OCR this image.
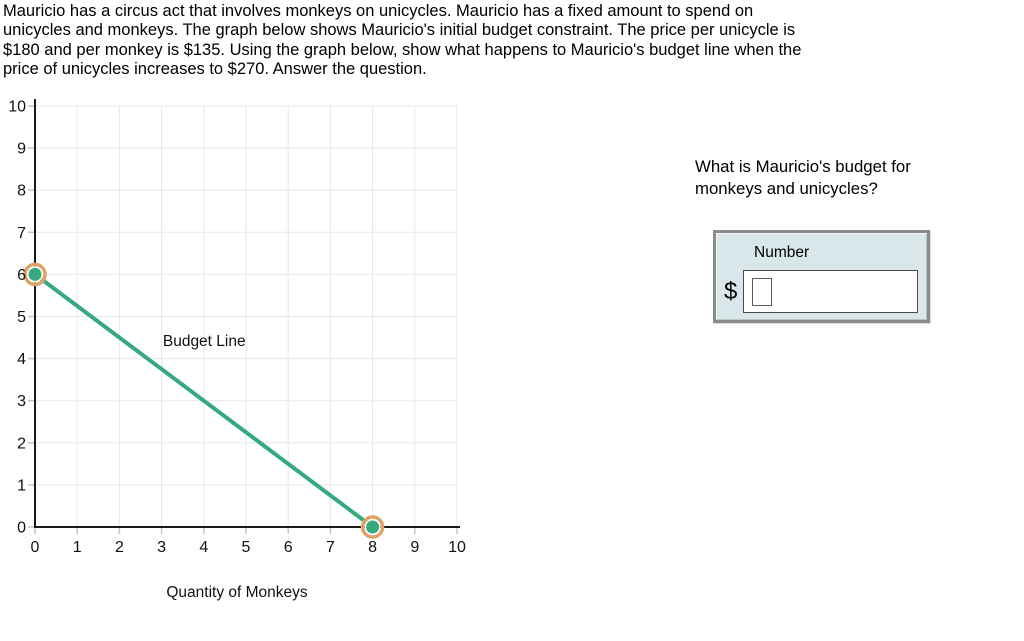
Mauricio has a circus act that involves monkeys on unicycles. Mauricio has a fixed amount to spend on
unicycles and monkeys. The graph below shows Mauricio's initial budget constraint. The price per unicycle is
$180 and per monkey is $135. Using the graph below, show what happens to Mauricio's budget line when the
price of unicycles increases to $270. Answer the question.
0
1
2
3
4
5
6
7
8
9
10
0 1 2 3 4 5 6 7 8 9 10
Quantity of Monkeys
Budget Line
What is Mauricio's budget for
monkeys and unicycles?
Number
$
